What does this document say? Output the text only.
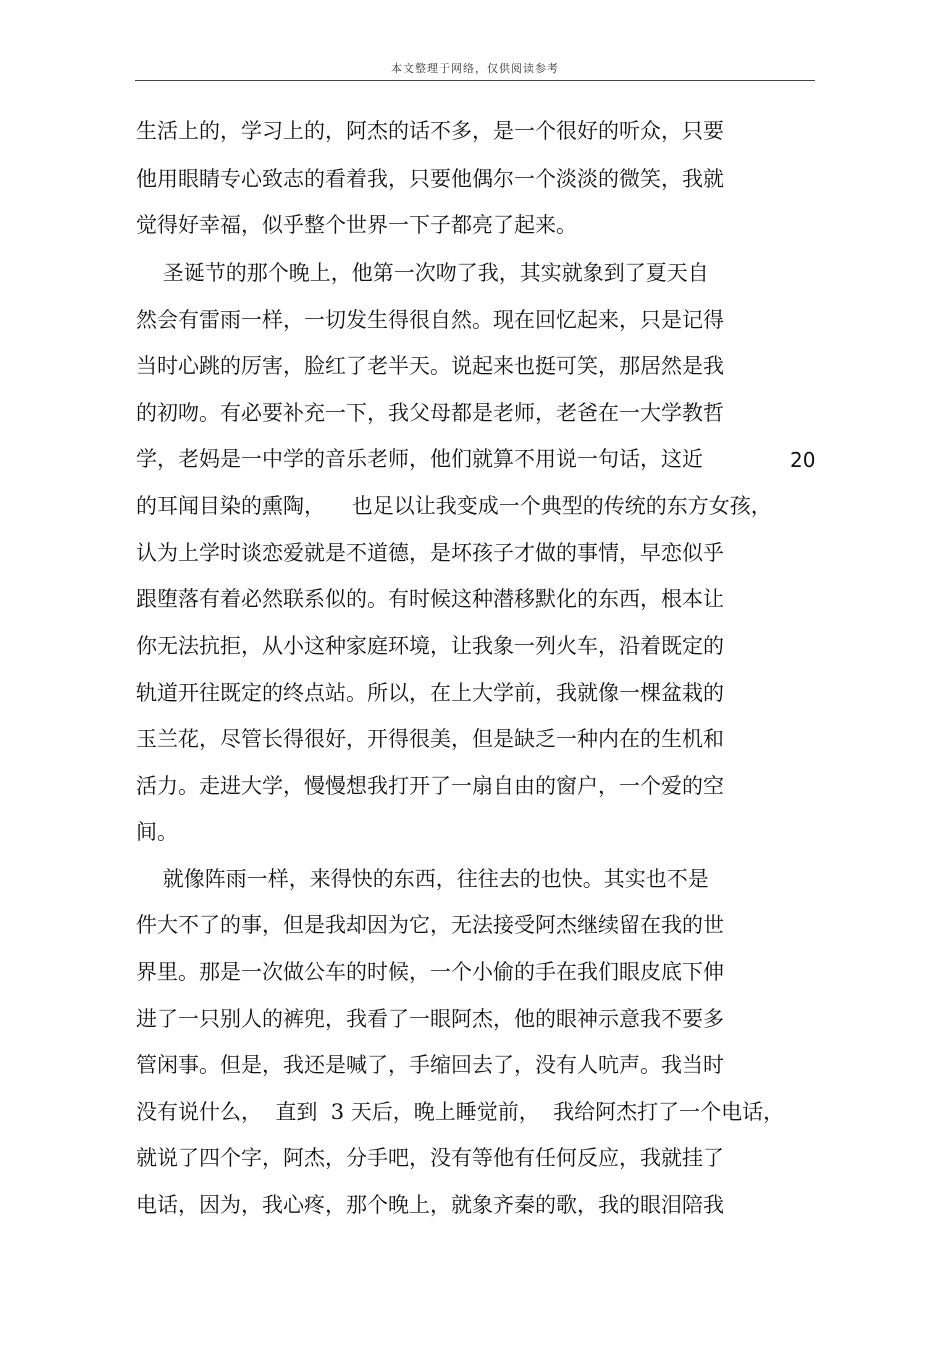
本文整理于网络，仅供阅读参考
生活上的，学习上的，阿杰的话不多，是一个很好的听众，只要
他用眼睛专心致志的看着我，只要他偶尔一个淡淡的微笑，我就
觉得好幸福，似乎整个世界一下子都亮了起来。
圣诞节的那个晚上，他第一次吻了我，其实就象到了夏天自
然会有雷雨一样，一切发生得很自然。现在回忆起来，只是记得
当时心跳的厉害，脸红了老半天。说起来也挺可笑，那居然是我
的初吻。有必要补充一下，我父母都是老师，老爸在一大学教哲
学，老妈是一中学的音乐老师，他们就算不用说一句话，这近
的耳闻目染的熏陶，    也足以让我变成一个典型的传统的东方女孩，
认为上学时谈恋爱就是不道德，是坏孩子才做的事情，早恋似乎
跟堕落有着必然联系似的。有时候这种潜移默化的东西，根本让
你无法抗拒，从小这种家庭环境，让我象一列火车，沿着既定的
轨道开往既定的终点站。所以，在上大学前，我就像一棵盆栽的
玉兰花，尽管长得很好，开得很美，但是缺乏一种内在的生机和
活力。走进大学，慢慢想我打开了一扇自由的窗户，一个爱的空
间。
就像阵雨一样，来得快的东西，往往去的也快。其实也不是
件大不了的事，但是我却因为它，无法接受阿杰继续留在我的世
界里。那是一次做公车的时候，一个小偷的手在我们眼皮底下伸
进了一只别人的裤兜，我看了一眼阿杰，他的眼神示意我不要多
管闲事。但是，我还是喊了，手缩回去了，没有人吭声。我当时
没有说什么，  直到  3 天后，晚上睡觉前，  我给阿杰打了一个电话，
就说了四个字，阿杰，分手吧，没有等他有任何反应，我就挂了
电话，因为，我心疼，那个晚上，就象齐秦的歌，我的眼泪陪我
20
